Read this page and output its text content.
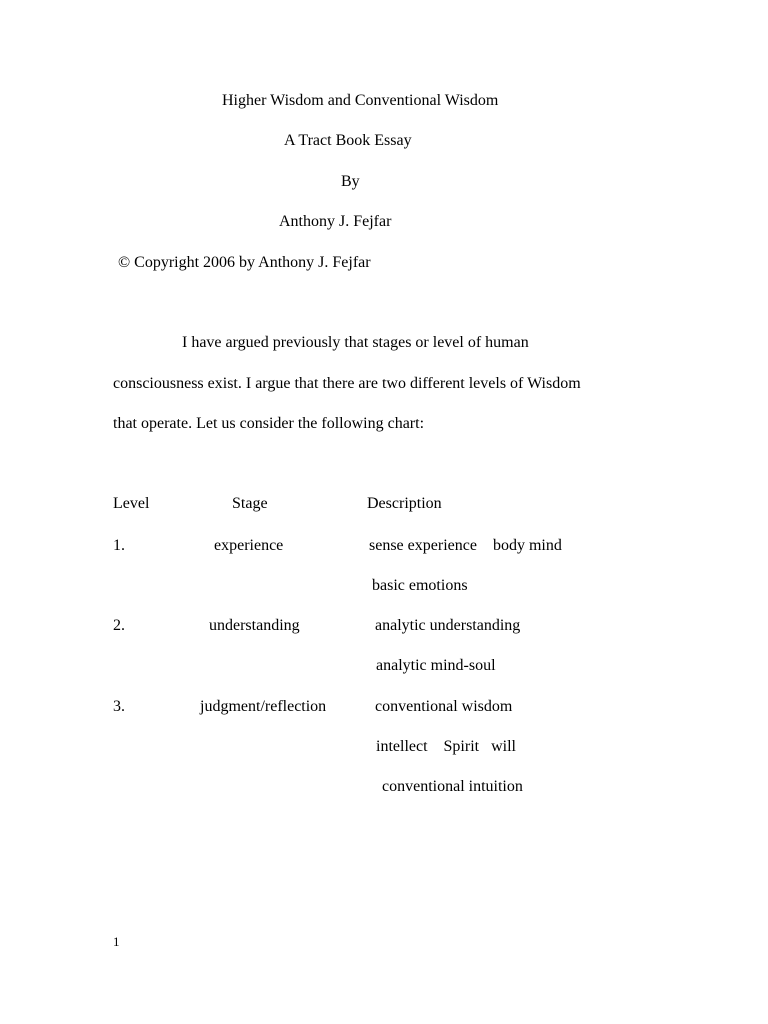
Higher Wisdom and Conventional Wisdom
A Tract Book Essay
By
Anthony J. Fejfar
© Copyright 2006 by Anthony J. Fejfar
I have argued previously that stages or level of human
consciousness exist. I argue that there are two different levels of Wisdom
that operate. Let us consider the following chart:
Level	Stage	Description
1.	experience	sense experience    body mind
basic emotions
2.	understanding	analytic understanding
analytic mind-soul
3.	judgment/reflection	conventional wisdom
intellect    Spirit   will
conventional intuition
1
